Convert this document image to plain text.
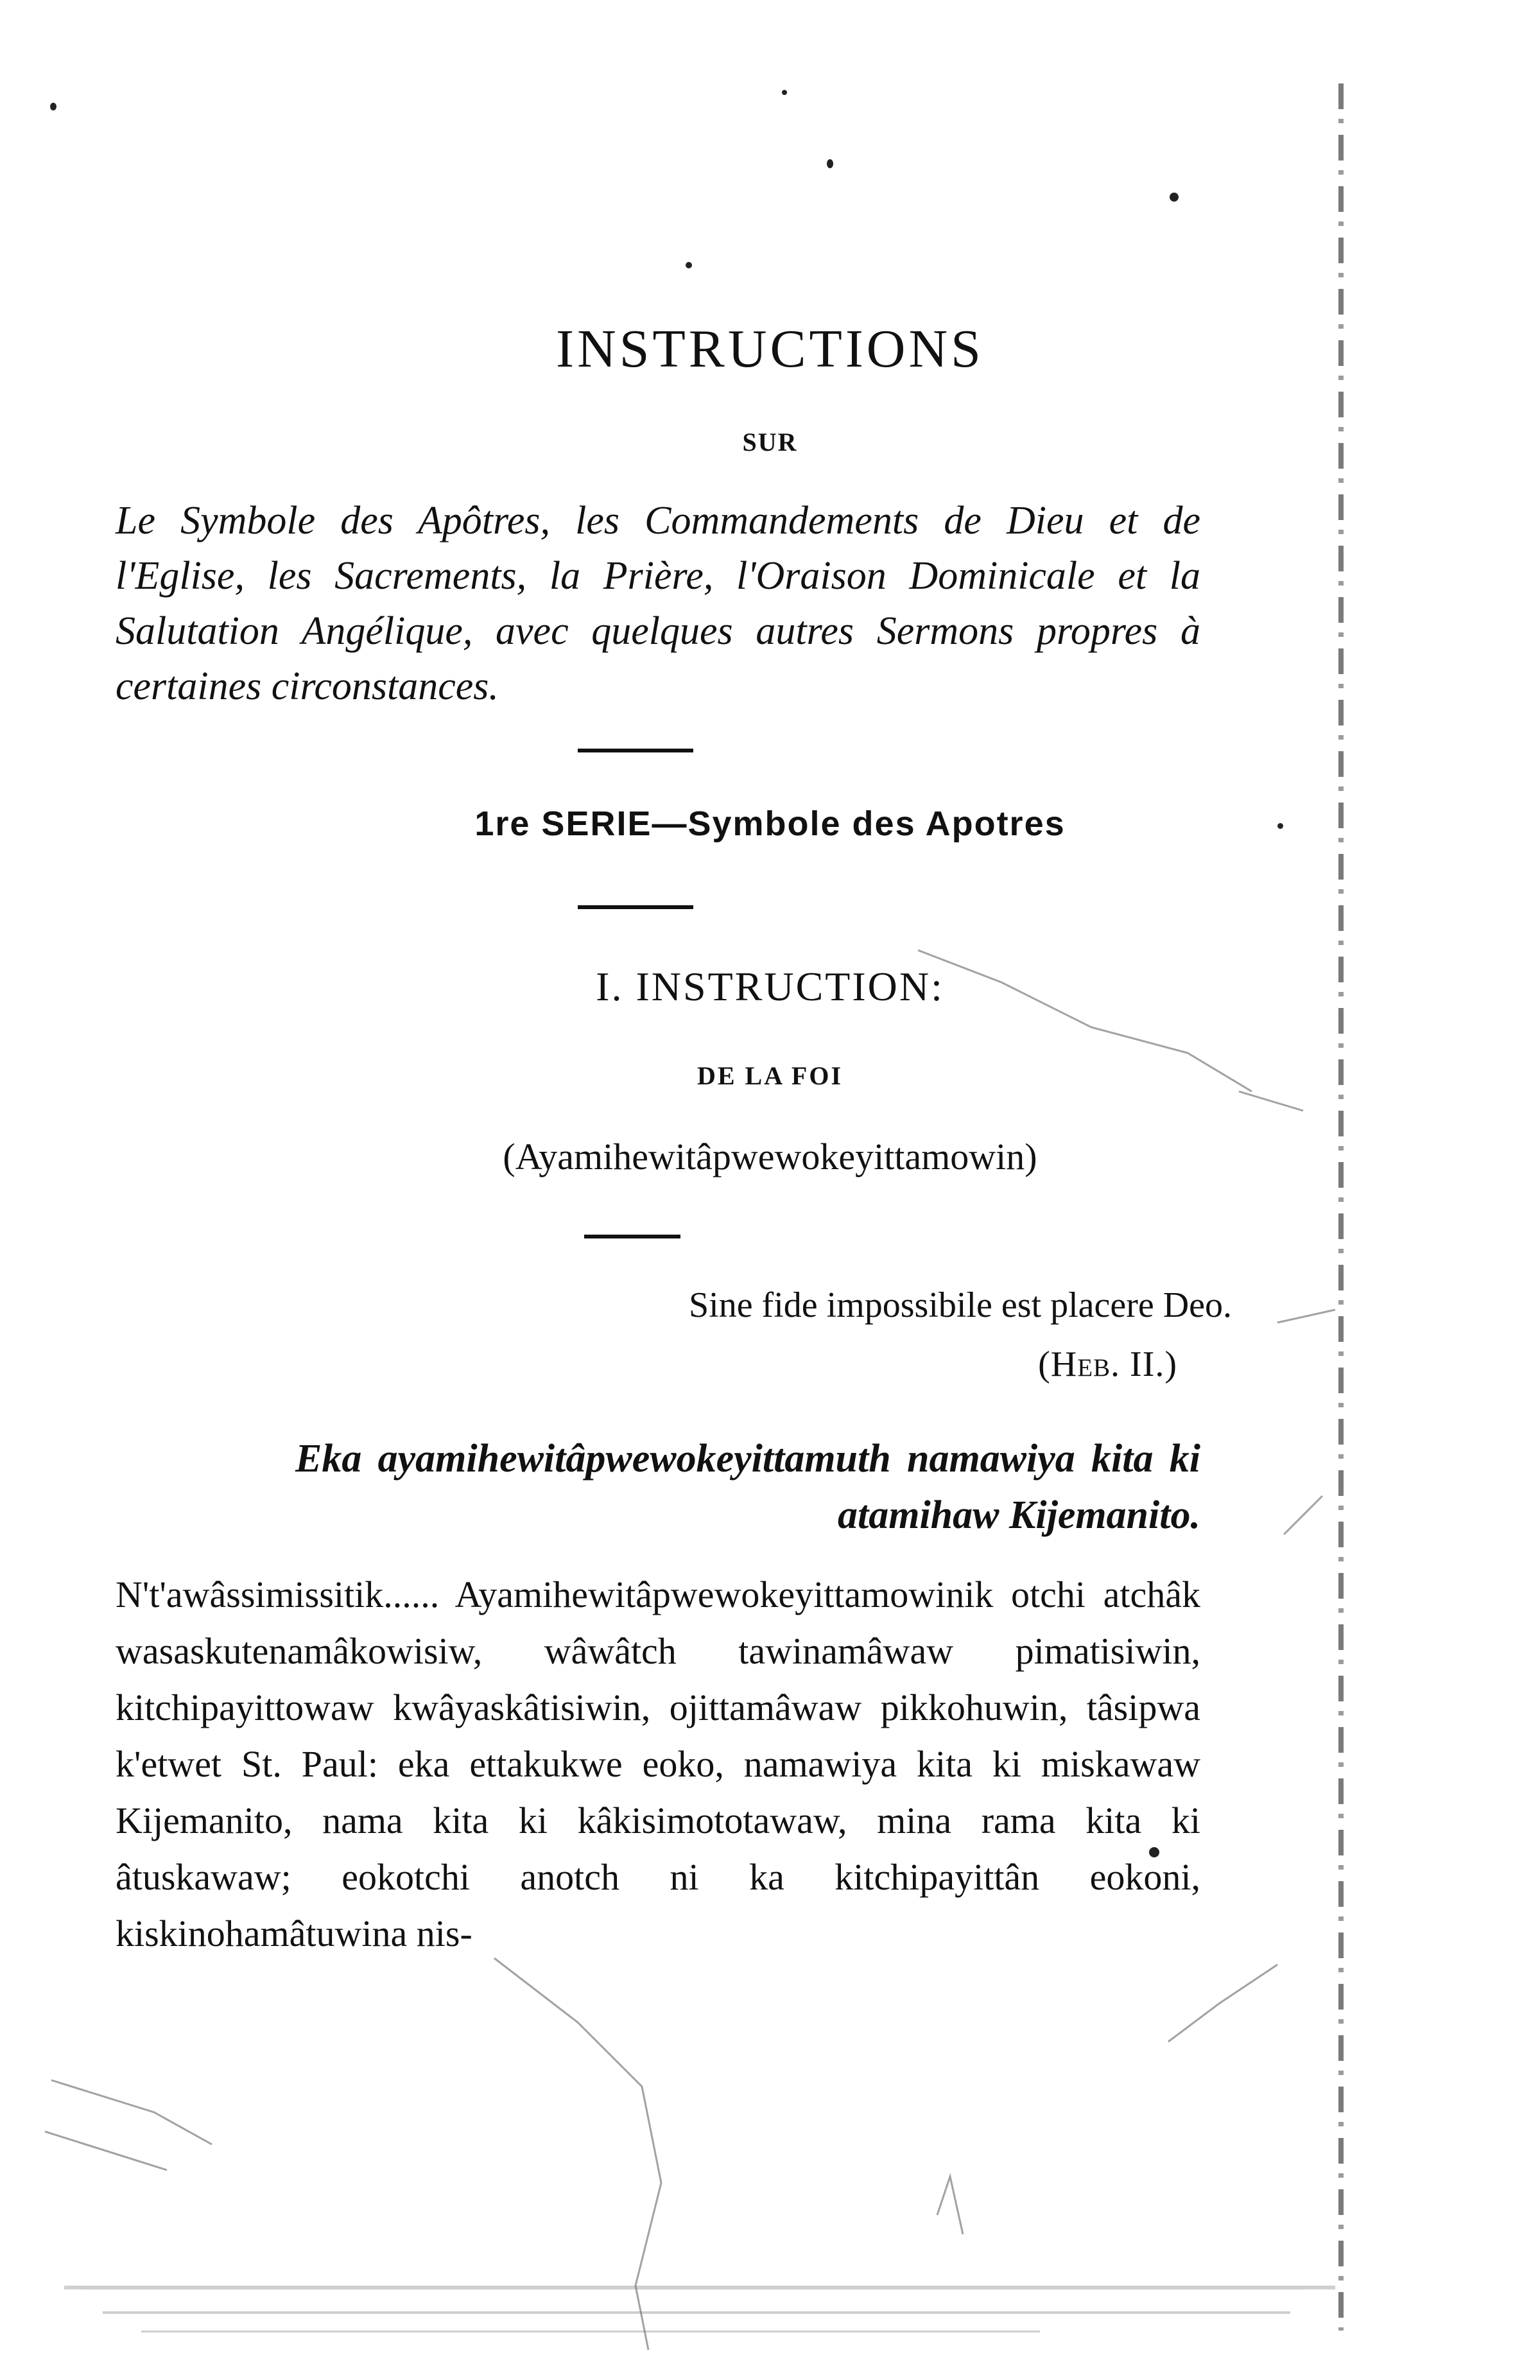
INSTRUCTIONS
SUR
Le Symbole des Apôtres, les Commandements de Dieu et de l'Eglise, les Sacrements, la Prière, l'Oraison Dominicale et la Salutation Angélique, avec quelques autres Sermons propres à certaines circonstances.
1re SERIE—Symbole des Apotres
I. INSTRUCTION:
DE LA FOI
(Ayamihewitâpwewokeyittamowin)
Sine fide impossibile est placere Deo.
(Heb. II.)
Eka ayamihewitâpwewokeyittamuth namawiya kita ki atamihaw Kijemanito.
N't'awâssimissitik...... Ayamihewitâpwewokeyittamowinik otchi atchâk wasaskutenamâkowisiw, wâwâtch tawinamâwaw pimatisiwin, kitchipayittowaw kwâyaskâtisiwin, ojittamâwaw pikkohuwin, tâsipwa k'etwet St. Paul: eka ettakukwe eoko, namawiya kita ki miskawaw Kijemanito, nama kita ki kâkisimototawaw, mina rama kita ki âtuskawaw; eokotchi anotch ni ka kitchipayittân eokoni, kiskinohamâtuwina nis-
